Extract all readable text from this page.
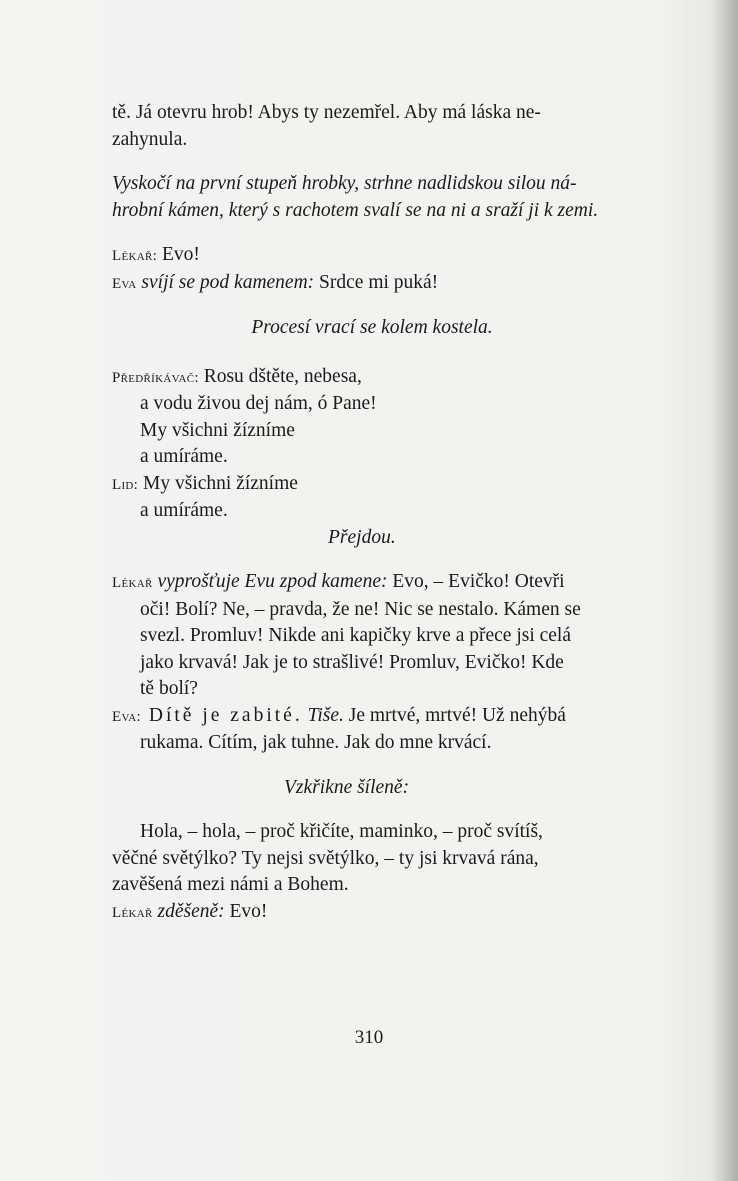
tě. Já otevru hrob! Abys ty nezemřel. Aby má láska ne-

zahynula.

Vyskočí na první stupeň hrobky, strhne nadlidskou silou ná-

hrobní kámen, který s rachotem svalí se na ni a sraží ji k zemi.

Lékař: Evo!

Eva svíjí se pod kamenem: Srdce mi puká!

Procesí vrací se kolem kostela.

Předříkávač: Rosu dštěte, nebesa,

a vodu živou dej nám, ó Pane!

My všichni žízníme

a umíráme.

Lid: My všichni žízníme

a umíráme.

Přejdou.

Lékař vyprošťuje Evu zpod kamene: Evo, – Evičko! Otevři

oči! Bolí? Ne, – pravda, že ne! Nic se nestalo. Kámen se

svezl. Promluv! Nikde ani kapičky krve a přece jsi celá

jako krvavá! Jak je to strašlivé! Promluv, Evičko! Kde

tě bolí?

Eva: Dítě je zabité. Tiše. Je mrtvé, mrtvé! Už nehýbá

rukama. Cítím, jak tuhne. Jak do mne krvácí.

Vzkřikne šíleně:

Hola, – hola, – proč křičíte, maminko, – proč svítíš,

věčné světýlko? Ty nejsi světýlko, – ty jsi krvavá rána,

zavěšená mezi námi a Bohem.

Lékař zděšeně: Evo!

310
